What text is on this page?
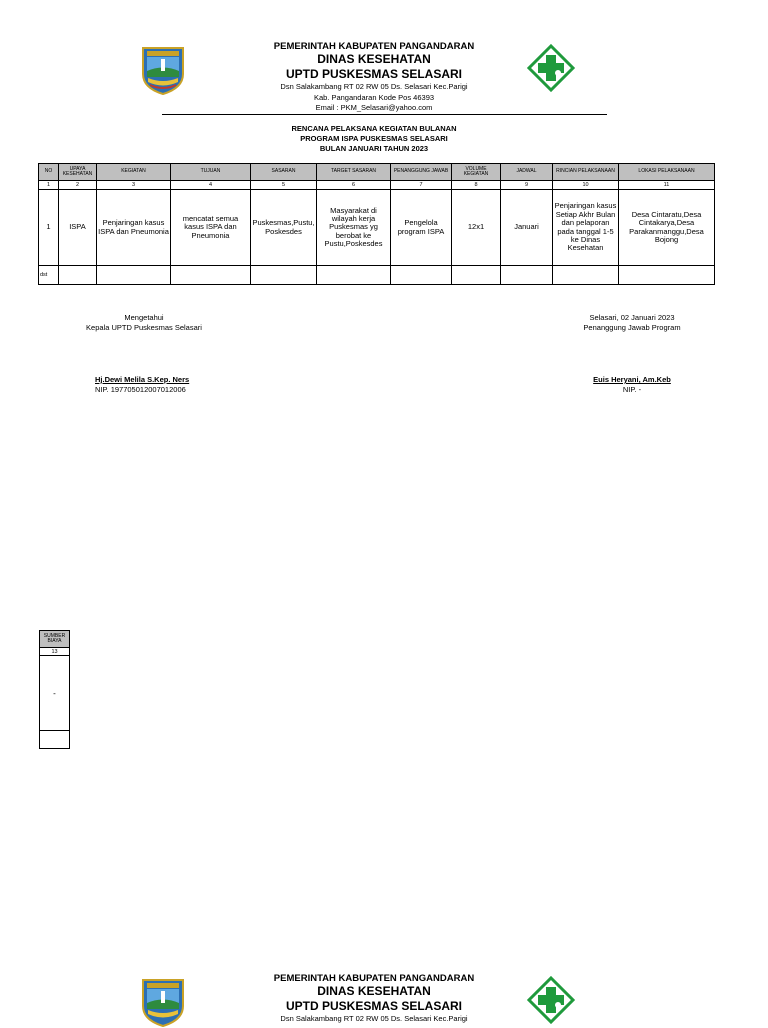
PEMERINTAH KABUPATEN PANGANDARAN
DINAS KESEHATAN
UPTD PUSKESMAS SELASARI
Dsn Salakambang RT 02 RW 05 Ds. Selasari Kec.Parigi
Kab. Pangandaran Kode Pos 46393
Email : PKM_Selasari@yahoo.com
RENCANA PELAKSANA KEGIATAN BULANAN
PROGRAM ISPA PUSKESMAS SELASARI
BULAN JANUARI TAHUN 2023
NO	UPAYA KESEHATAN	KEGIATAN	TUJUAN	SASARAN	TARGET SASARAN	PENANGGUNG JAWAB	VOLUME KEGIATAN	JADWAL	RINCIAN PELAKSANAAN	LOKASI PELAKSANAAN
1	2	3	4	5	6	7	8	9	10	11
1	ISPA	Penjaringan kasus ISPA dan Pneumonia	mencatat semua kasus ISPA dan Pneumonia	Puskesmas,Pustu, Poskesdes	Masyarakat di wilayah kerja Puskesmas yg berobat ke Pustu,Poskesdes	Pengelola program ISPA	12x1	Januari	Penjaringan kasus Setiap Akhr Bulan dan pelaporan pada tanggal 1-5 ke Dinas Kesehatan	Desa Cintaratu,Desa Cintakarya,Desa Parakanmanggu,Desa Bojong
dst										
Mengetahui
Kepala UPTD Puskesmas Selasari
Hj.Dewi Melila S.Kep. Ners
NIP. 197705012007012006
Selasari, 02 Januari 2023
Penanggung Jawab Program
Euis Heryani, Am.Keb
NIP. -
SUMBER BIAYA
13
-

PEMERINTAH KABUPATEN PANGANDARAN
DINAS KESEHATAN
UPTD PUSKESMAS SELASARI
Dsn Salakambang RT 02 RW 05 Ds. Selasari Kec.Parigi
